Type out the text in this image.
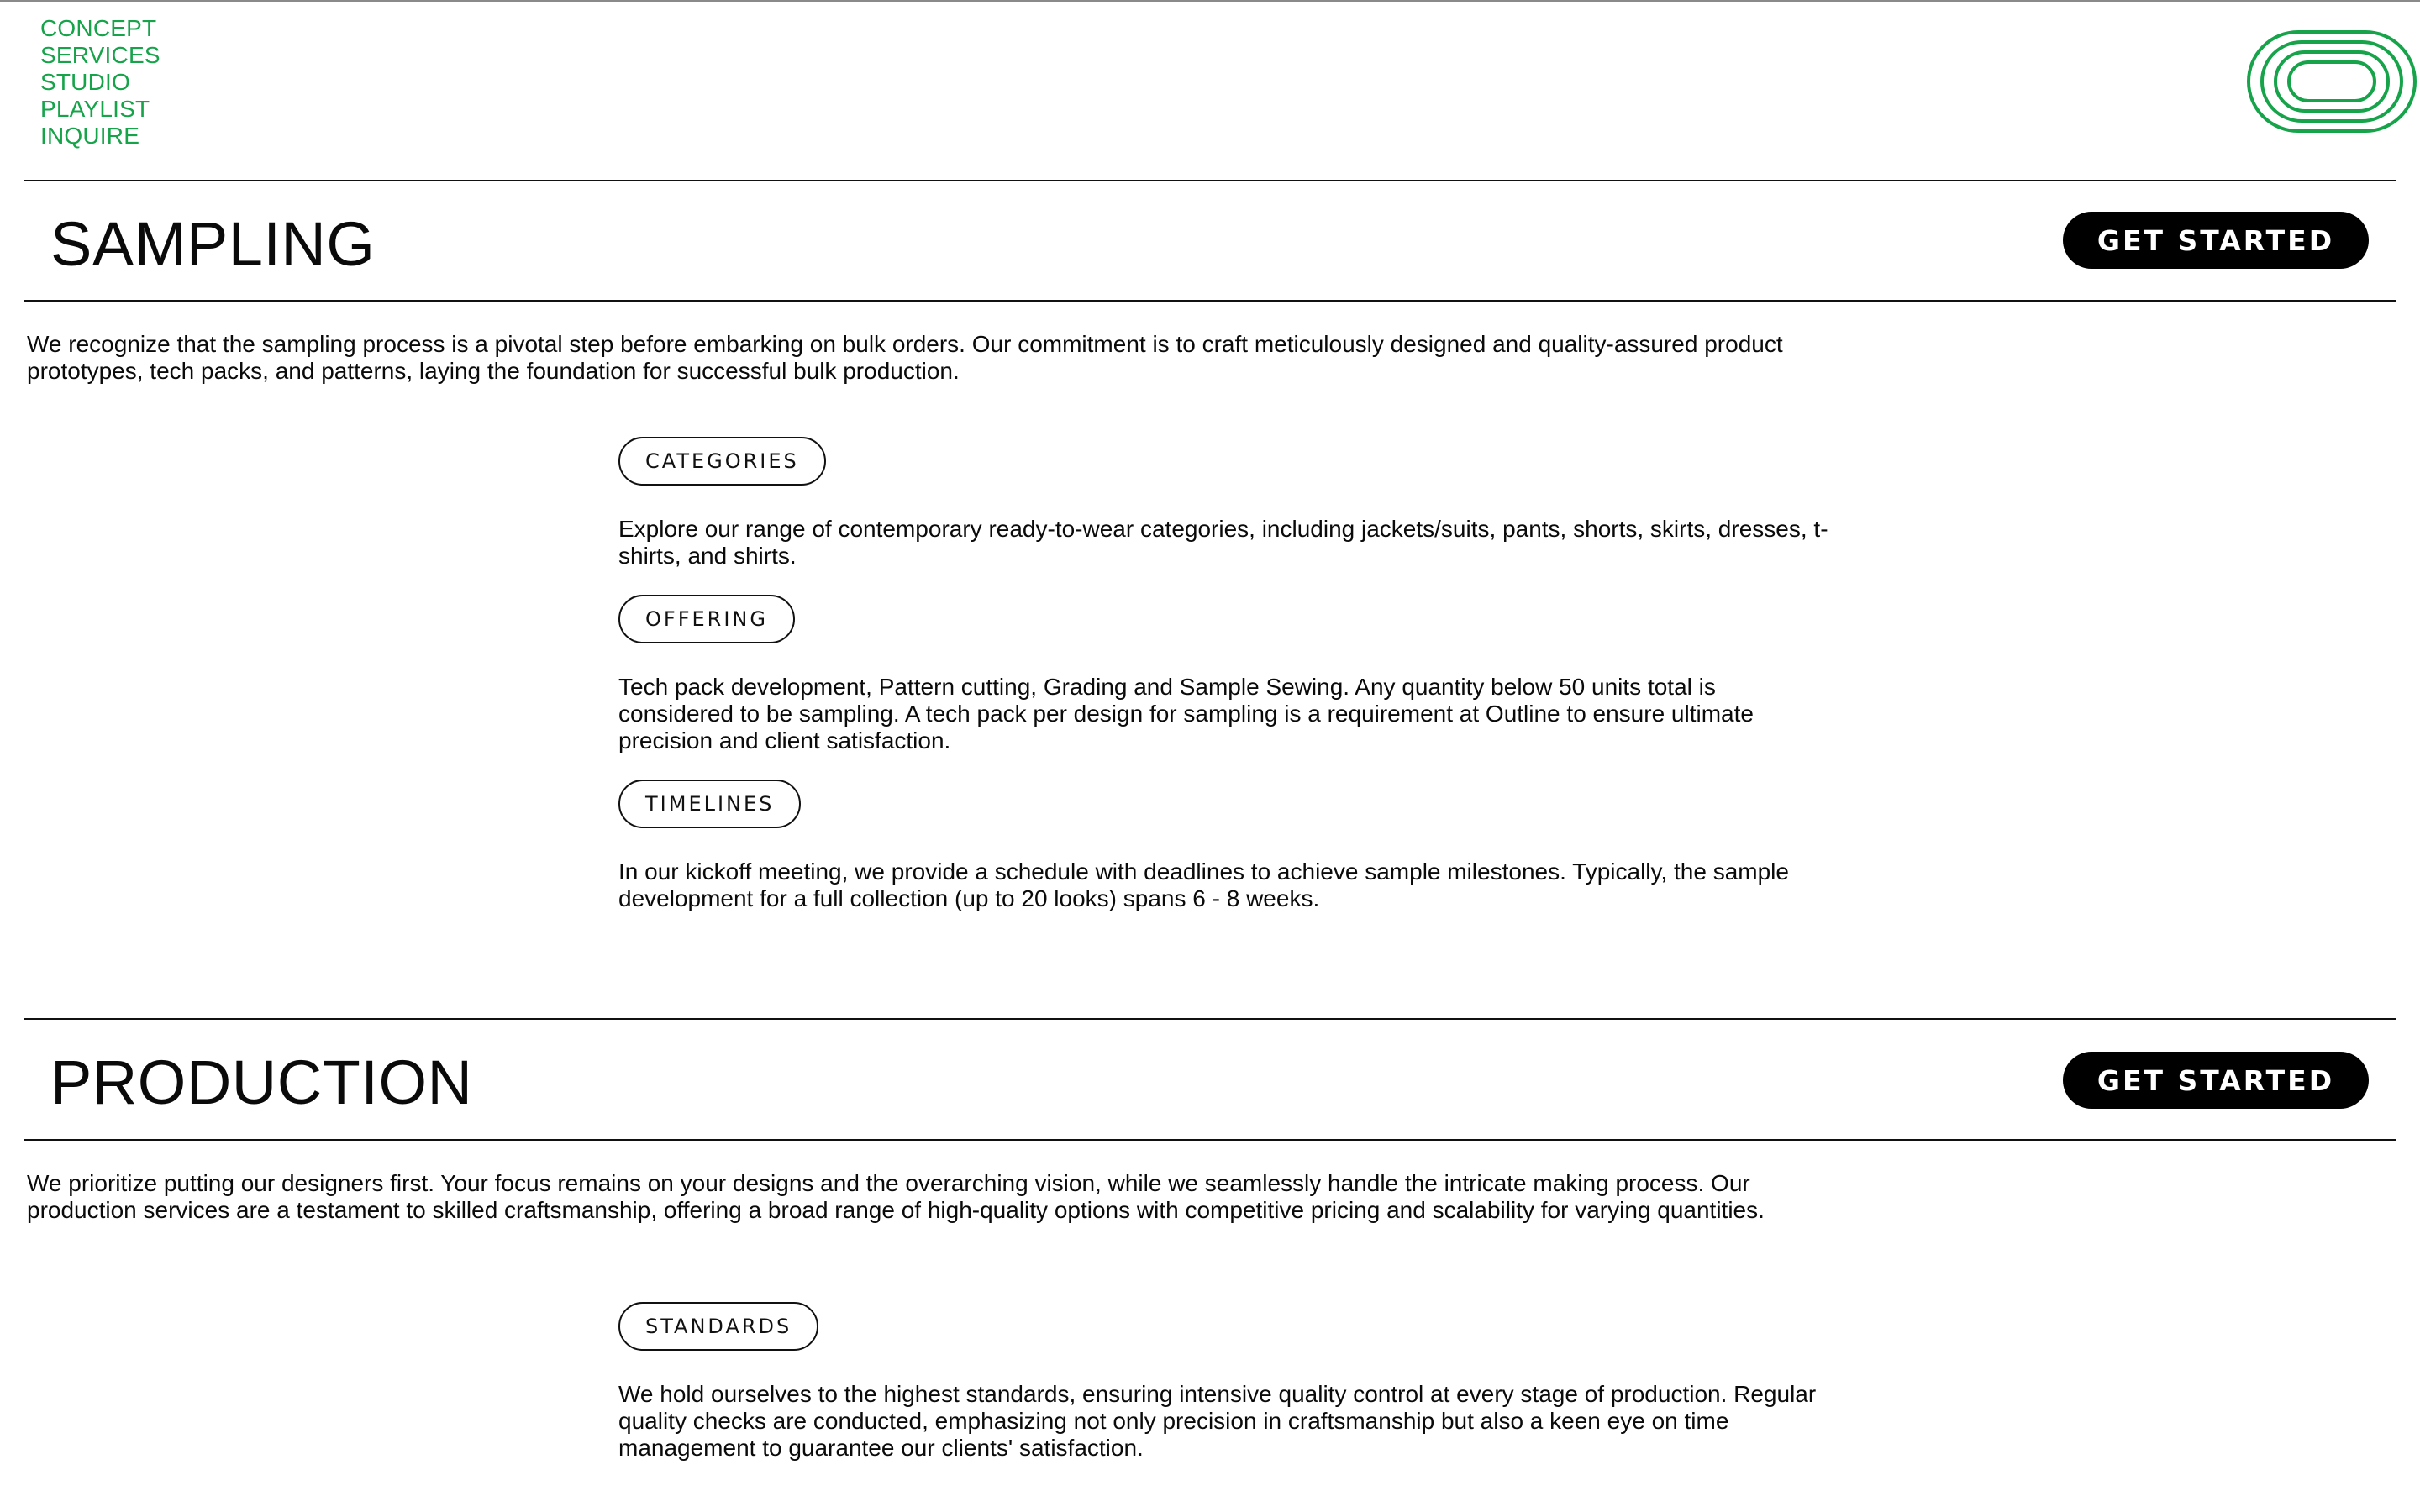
CONCEPT
SERVICES
STUDIO
PLAYLIST
INQUIRE
SAMPLING	GET STARTED

We recognize that the sampling process is a pivotal step before embarking on bulk orders. Our commitment is to craft meticulously designed and quality-assured product prototypes, tech packs, and patterns, laying the foundation for successful bulk production.

CATEGORIES

Explore our range of contemporary ready-to-wear categories, including jackets/suits, pants, shorts, skirts, dresses, t-shirts, and shirts.

OFFERING

Tech pack development, Pattern cutting, Grading and Sample Sewing. Any quantity below 50 units total is considered to be sampling. A tech pack per design for sampling is a requirement at Outline to ensure ultimate precision and client satisfaction.

TIMELINES

In our kickoff meeting, we provide a schedule with deadlines to achieve sample milestones. Typically, the sample development for a full collection (up to 20 looks) spans 6 - 8 weeks.

PRODUCTION	GET STARTED

We prioritize putting our designers first. Your focus remains on your designs and the overarching vision, while we seamlessly handle the intricate making process. Our production services are a testament to skilled craftsmanship, offering a broad range of high-quality options with competitive pricing and scalability for varying quantities.

STANDARDS

We hold ourselves to the highest standards, ensuring intensive quality control at every stage of production. Regular quality checks are conducted, emphasizing not only precision in craftsmanship but also a keen eye on time management to guarantee our clients' satisfaction.
